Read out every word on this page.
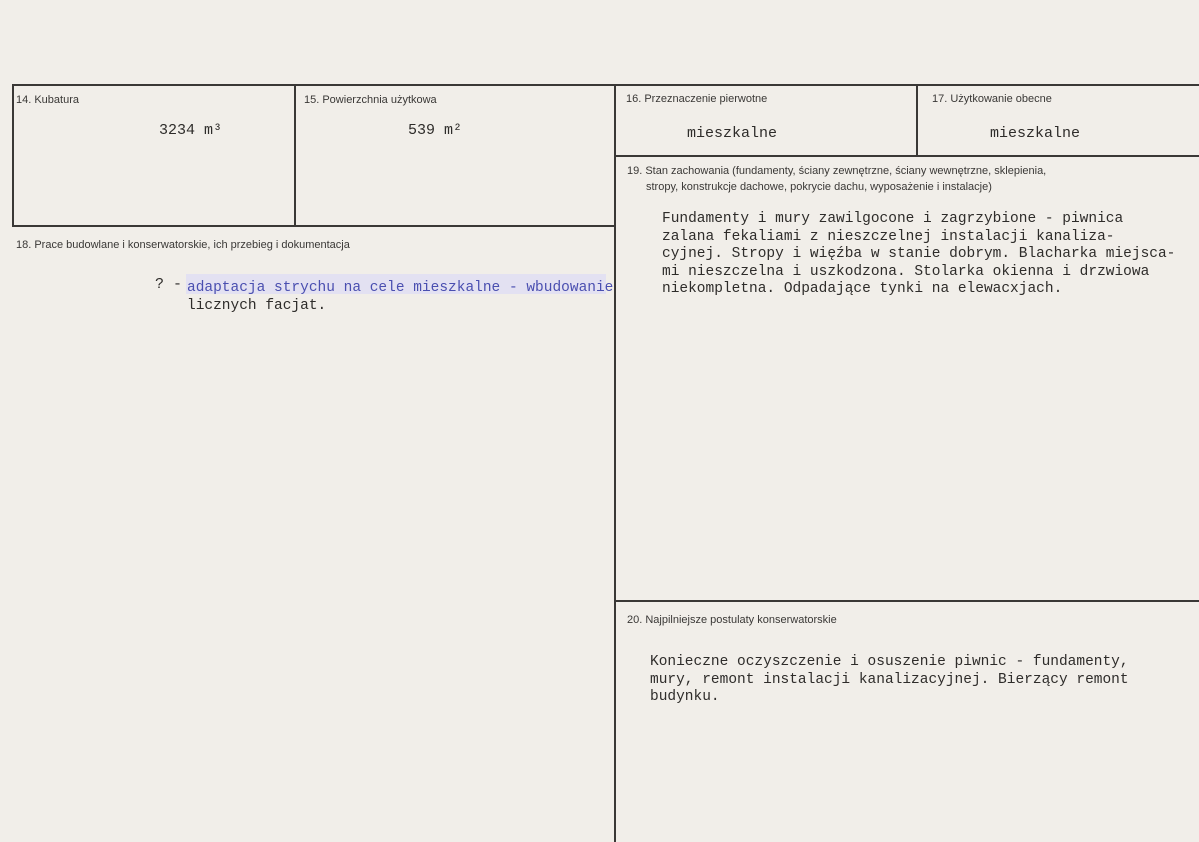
14. Kubatura
3234 m³
15. Powierzchnia użytkowa
539 m²
16. Przeznaczenie pierwotne
mieszkalne
17. Użytkowanie obecne
mieszkalne
18. Prace budowlane i konserwatorskie, ich przebieg i dokumentacja
? - adaptacja strychu na cele mieszkalne - wbudowanie
licznych facjat.
19. Stan zachowania (fundamenty, ściany zewnętrzne, ściany wewnętrzne, sklepienia,
stropy, konstrukcje dachowe, pokrycie dachu, wyposażenie i instalacje)
Fundamenty i mury zawilgocone i zagrzybione - piwnica
zalana fekaliami z nieszczelnej instalacji kanaliza-
cyjnej. Stropy i więźba w stanie dobrym. Blacharka miejsca-
mi nieszczelna i uszkodzona. Stolarka okienna i drzwiowa
niekompletna. Odpadające tynki na elewacxjach.
20. Najpilniejsze postulaty konserwatorskie
Konieczne oczyszczenie i osuszenie piwnic - fundamenty,
mury, remont instalacji kanalizacyjnej. Bierzący remont
budynku.
